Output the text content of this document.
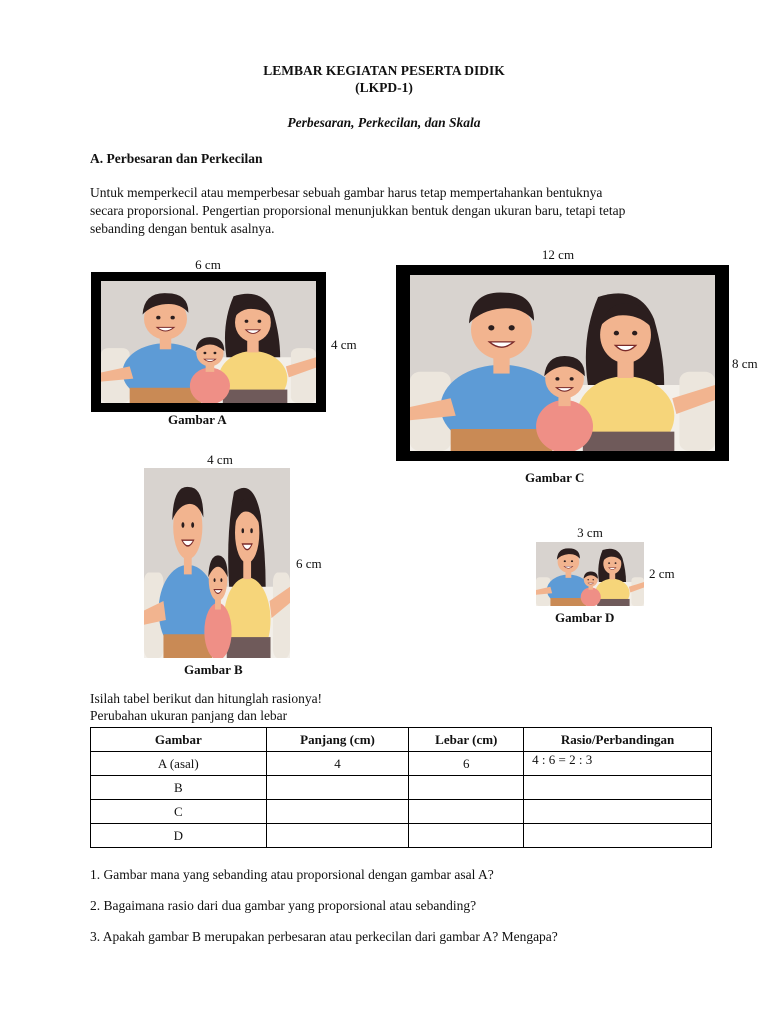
LEMBAR KEGIATAN PESERTA DIDIK
(LKPD-1)
Perbesaran, Perkecilan, dan Skala
A. Perbesaran dan Perkecilan
Untuk memperkecil atau memperbesar sebuah gambar harus tetap mempertahankan bentuknya
secara proporsional. Pengertian proporsional menunjukkan bentuk dengan ukuran baru, tetapi tetap
sebanding dengan bentuk asalnya.
6 cm
4 cm
Gambar A
12 cm
8 cm
Gambar C
4 cm
6 cm
Gambar B
3 cm
2 cm
Gambar D
Isilah tabel berikut dan hitunglah rasionya!
Perubahan ukuran panjang dan lebar
Gambar	Panjang (cm)	Lebar (cm)	Rasio/Perbandingan
A (asal)	4	6	4 : 6 = 2 : 3
B			
C			
D			
1. Gambar mana yang sebanding atau proporsional dengan gambar asal A?
2. Bagaimana rasio dari dua gambar yang proporsional atau sebanding?
3. Apakah gambar B merupakan perbesaran atau perkecilan dari gambar A? Mengapa?
